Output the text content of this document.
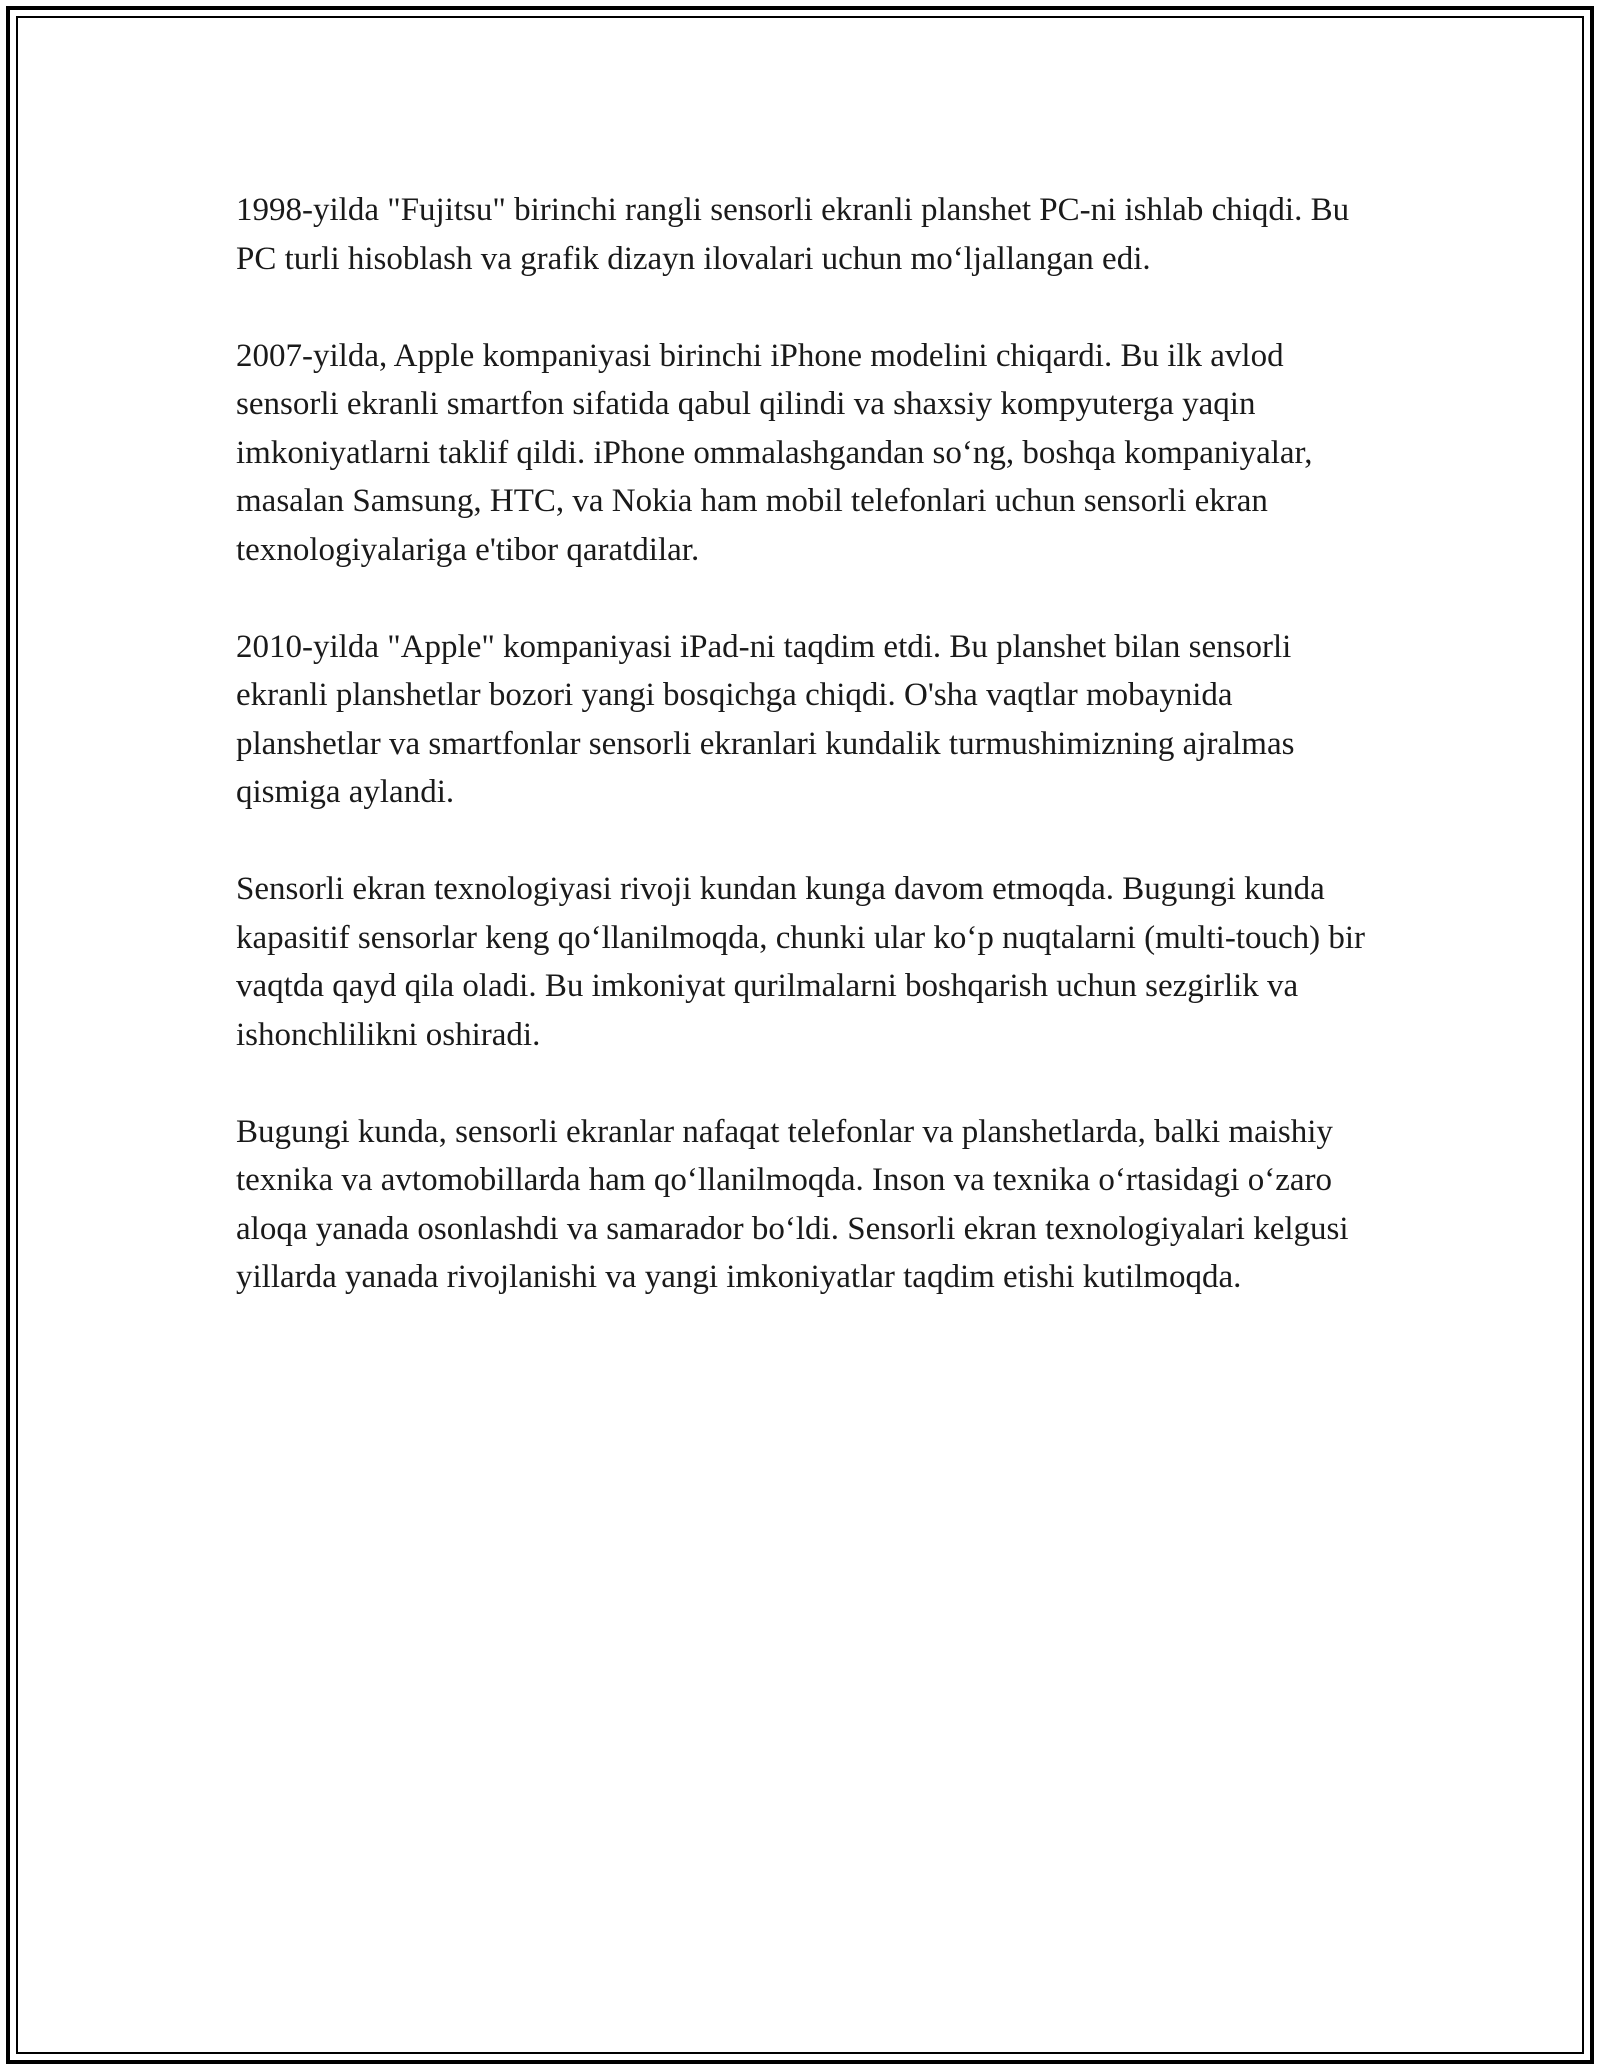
1998-yilda "Fujitsu" birinchi rangli sensorli ekranli planshet PC-ni ishlab chiqdi. Bu PC turli hisoblash va grafik dizayn ilovalari uchun mo‘ljallangan edi.

2007-yilda, Apple kompaniyasi birinchi iPhone modelini chiqardi. Bu ilk avlod sensorli ekranli smartfon sifatida qabul qilindi va shaxsiy kompyuterga yaqin imkoniyatlarni taklif qildi. iPhone ommalashgandan so‘ng, boshqa kompaniyalar, masalan Samsung, HTC, va Nokia ham mobil telefonlari uchun sensorli ekran texnologiyalariga e'tibor qaratdilar.

2010-yilda "Apple" kompaniyasi iPad-ni taqdim etdi. Bu planshet bilan sensorli ekranli planshetlar bozori yangi bosqichga chiqdi. O'sha vaqtlar mobaynida planshetlar va smartfonlar sensorli ekranlari kundalik turmushimizning ajralmas qismiga aylandi.

Sensorli ekran texnologiyasi rivoji kundan kunga davom etmoqda. Bugungi kunda kapasitif sensorlar keng qo‘llanilmoqda, chunki ular ko‘p nuqtalarni (multi-touch) bir vaqtda qayd qila oladi. Bu imkoniyat qurilmalarni boshqarish uchun sezgirlik va ishonchlilikni oshiradi.

Bugungi kunda, sensorli ekranlar nafaqat telefonlar va planshetlarda, balki maishiy texnika va avtomobillarda ham qo‘llanilmoqda. Inson va texnika o‘rtasidagi o‘zaro aloqa yanada osonlashdi va samarador bo‘ldi. Sensorli ekran texnologiyalari kelgusi yillarda yanada rivojlanishi va yangi imkoniyatlar taqdim etishi kutilmoqda.
